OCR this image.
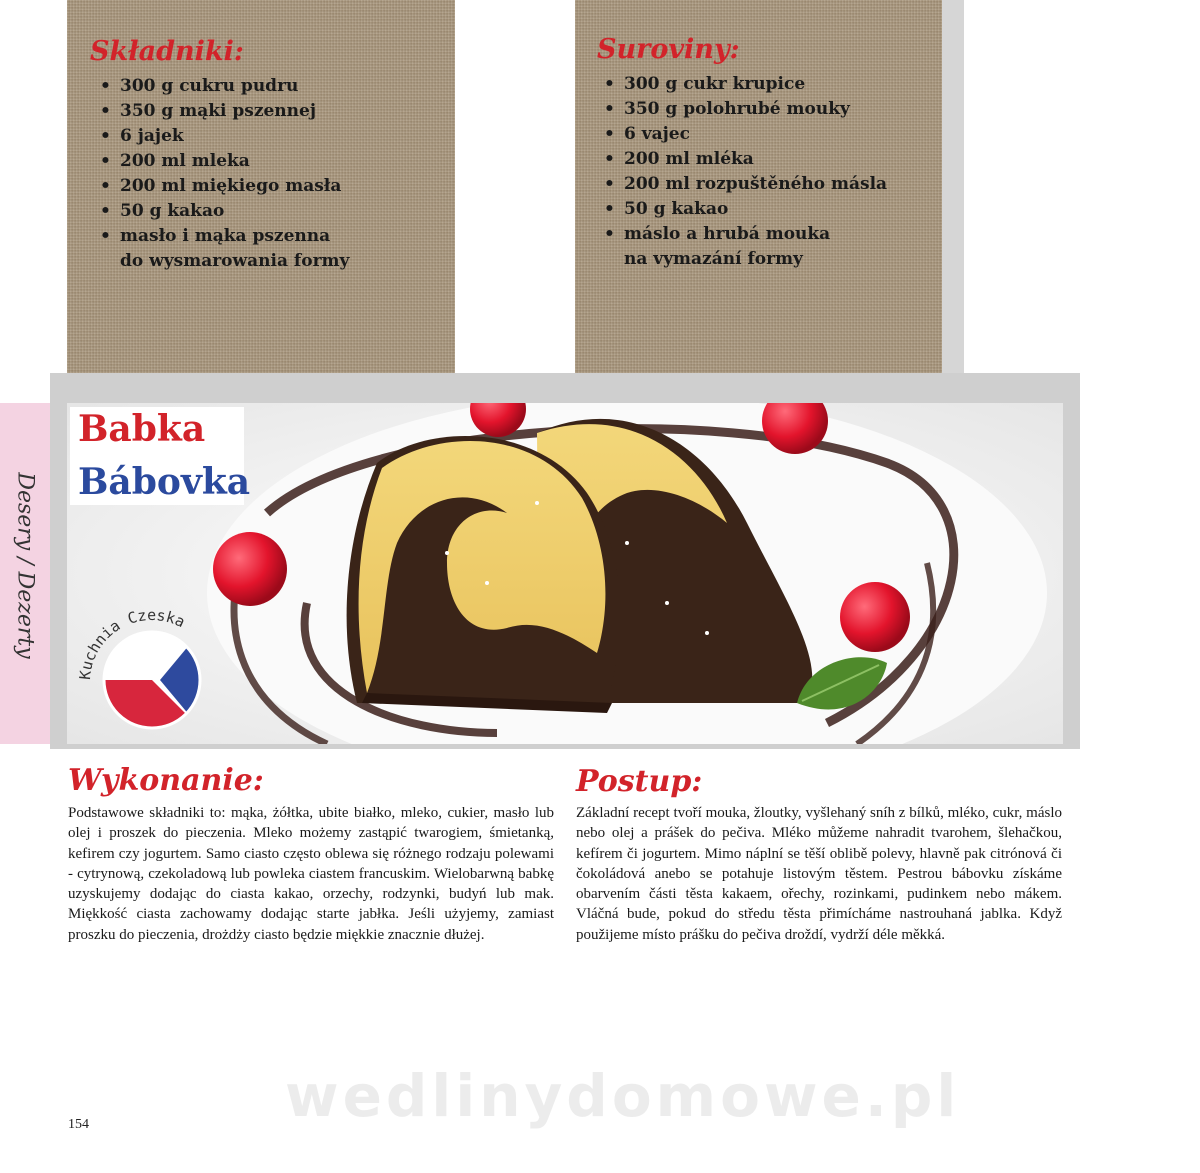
Składniki:
• 300 g cukru pudru
• 350 g mąki pszennej
• 6 jajek
• 200 ml mleka
• 200 ml miękiego masła
• 50 g kakao
• masło i mąka pszenna
do wysmarowania formy
Suroviny:
• 300 g cukr krupice
• 350 g polohrubé mouky
• 6 vajec
• 200 ml mléka
• 200 ml rozpuštěného másla
• 50 g kakao
• máslo a hrubá mouka
na vymazání formy
Desery / Dezerty
Babka
Bábovka
Kuchnia Czeska
Wykonanie:

Podstawowe składniki to: mąka, żółtka, ubite białko, mleko, cukier, masło lub olej i proszek do pieczenia. Mleko możemy zastąpić twarogiem, śmietanką, kefirem czy jogurtem. Samo ciasto często oblewa się różnego rodzaju polewami - cytrynową, czekoladową lub powleka ciastem francuskim. Wielobarwną babkę uzyskujemy dodając do ciasta kakao, orzechy, rodzynki, budyń lub mak. Miękkość ciasta zachowamy dodając starte jabłka. Jeśli użyjemy, zamiast proszku do pieczenia, drożdży ciasto będzie miękkie znacznie dłużej.

Postup:

Základní recept tvoří mouka, žloutky, vyšlehaný sníh z bílků, mléko, cukr, máslo nebo olej a prášek do pečiva. Mléko můžeme nahradit tvarohem, šlehačkou, kefírem či jogurtem. Mimo náplní se těší oblibě polevy, hlavně pak citrónová či čokoládová anebo se potahuje listovým těstem. Pestrou bábovku získáme obarvením části těsta kakaem, ořechy, rozinkami, pudinkem nebo mákem. Vláčná bude, pokud do středu těsta přimícháme nastrouhaná jablka. Když použijeme místo prášku do pečiva droždí, vydrží déle měkká.

wedlinydomowe.pl
154
